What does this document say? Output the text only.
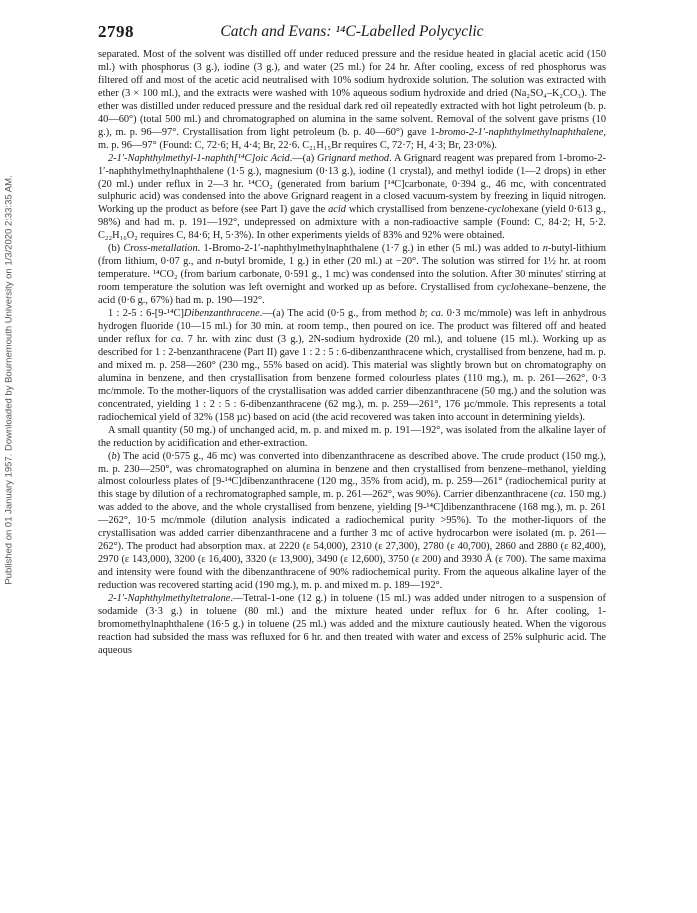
Published on 01 January 1957. Downloaded by Bournemouth University on 1/3/2020 2:33:35 AM.
2798	Catch and Evans: ¹⁴C-Labelled Polycyclic

separated. Most of the solvent was distilled off under reduced pressure and the residue heated in glacial acetic acid (150 ml.) with phosphorus (3 g.), iodine (3 g.), and water (25 ml.) for 24 hr. After cooling, excess of red phosphorus was filtered off and most of the acetic acid neutralised with 10% sodium hydroxide solution. The solution was extracted with ether (3 × 100 ml.), and the extracts were washed with 10% aqueous sodium hydroxide and dried (Na₂SO₄–K₂CO₃). The ether was distilled under reduced pressure and the residual dark red oil repeatedly extracted with hot light petroleum (b. p. 40—60°) (total 500 ml.) and chromatographed on alumina in the same solvent. Removal of the solvent gave prisms (10 g.), m. p. 96—97°. Crystallisation from light petroleum (b. p. 40—60°) gave 1-bromo-2-1′-naphthylmethylnaphthalene, m. p. 96—97° (Found: C, 72·6; H, 4·4; Br, 22·6. C₂₁H₁₅Br requires C, 72·7; H, 4·3; Br, 23·0%).

2-1′-Naphthylmethyl-1-naphth[¹⁴C]oic Acid.—(a) Grignard method. A Grignard reagent was prepared from 1-bromo-2-1′-naphthylmethylnaphthalene (1·5 g.), magnesium (0·13 g.), iodine (1 crystal), and methyl iodide (1—2 drops) in ether (20 ml.) under reflux in 2—3 hr. ¹⁴CO₂ (generated from barium [¹⁴C]carbonate, 0·394 g., 46 mc, with concentrated sulphuric acid) was condensed into the above Grignard reagent in a closed vacuum-system by freezing in liquid nitrogen. Working up the product as before (see Part I) gave the acid which crystallised from benzene-cyclohexane (yield 0·613 g., 98%) and had m. p. 191—192°, undepressed on admixture with a non-radioactive sample (Found: C, 84·2; H, 5·2. C₂₂H₁₆O₂ requires C, 84·6; H, 5·3%). In other experiments yields of 83% and 92% were obtained.

(b) Cross-metallation. 1-Bromo-2-1′-naphthylmethylnaphthalene (1·7 g.) in ether (5 ml.) was added to n-butyl-lithium (from lithium, 0·07 g., and n-butyl bromide, 1 g.) in ether (20 ml.) at −20°. The solution was stirred for 1½ hr. at room temperature. ¹⁴CO₂ (from barium carbonate, 0·591 g., 1 mc) was condensed into the solution. After 30 minutes' stirring at room temperature the solution was left overnight and worked up as before. Crystallised from cyclohexane–benzene, the acid (0·6 g., 67%) had m. p. 190—192°.

1 : 2-5 : 6-[9-¹⁴C]Dibenzanthracene.—(a) The acid (0·5 g., from method b; ca. 0·3 mc/mmole) was left in anhydrous hydrogen fluoride (10—15 ml.) for 30 min. at room temp., then poured on ice. The product was filtered off and heated under reflux for ca. 7 hr. with zinc dust (3 g.), 2N-sodium hydroxide (20 ml.), and toluene (15 ml.). Working up as described for 1 : 2-benzanthracene (Part II) gave 1 : 2 : 5 : 6-dibenzanthracene which, crystallised from benzene, had m. p. and mixed m. p. 258—260° (230 mg., 55% based on acid). This material was slightly brown but on chromatography on alumina in benzene, and then crystallisation from benzene formed colourless plates (110 mg.), m. p. 261—262°, 0·3 mc/mmole. To the mother-liquors of the crystallisation was added carrier dibenzanthracene (50 mg.) and the solution was concentrated, yielding 1 : 2 : 5 : 6-dibenzanthracene (62 mg.), m. p. 259—261°, 176 µc/mmole. This represents a total radiochemical yield of 32% (158 µc) based on acid (the acid recovered was taken into account in determining yields).

A small quantity (50 mg.) of unchanged acid, m. p. and mixed m. p. 191—192°, was isolated from the alkaline layer of the reduction by acidification and ether-extraction.

(b) The acid (0·575 g., 46 mc) was converted into dibenzanthracene as described above. The crude product (150 mg.), m. p. 230—250°, was chromatographed on alumina in benzene and then crystallised from benzene–methanol, yielding almost colourless plates of [9-¹⁴C]dibenzanthracene (120 mg., 35% from acid), m. p. 259—261° (radiochemical purity at this stage by dilution of a rechromatographed sample, m. p. 261—262°, was 90%). Carrier dibenzanthracene (ca. 150 mg.) was added to the above, and the whole crystallised from benzene, yielding [9-¹⁴C]dibenzanthracene (168 mg.), m. p. 261—262°, 10·5 mc/mmole (dilution analysis indicated a radiochemical purity >95%). To the mother-liquors of the crystallisation was added carrier dibenzanthracene and a further 3 mc of active hydrocarbon were isolated (m. p. 261—262°). The product had absorption max. at 2220 (ε 54,000), 2310 (ε 27,300), 2780 (ε 40,700), 2860 and 2880 (ε 82,400), 2970 (ε 143,000), 3200 (ε 16,400), 3320 (ε 13,900), 3490 (ε 12,600), 3750 (ε 200) and 3930 Å (ε 700). The same maxima and intensity were found with the dibenzanthracene of 90% radiochemical purity. From the aqueous alkaline layer of the reduction was recovered starting acid (190 mg.), m. p. and mixed m. p. 189—192°.

2-1′-Naphthylmethyltetralone.—Tetral-1-one (12 g.) in toluene (15 ml.) was added under nitrogen to a suspension of sodamide (3·3 g.) in toluene (80 ml.) and the mixture heated under reflux for 6 hr. After cooling, 1-bromomethylnaphthalene (16·5 g.) in toluene (25 ml.) was added and the mixture cautiously heated. When the vigorous reaction had subsided the mass was refluxed for 6 hr. and then treated with water and excess of 25% sulphuric acid. The aqueous
